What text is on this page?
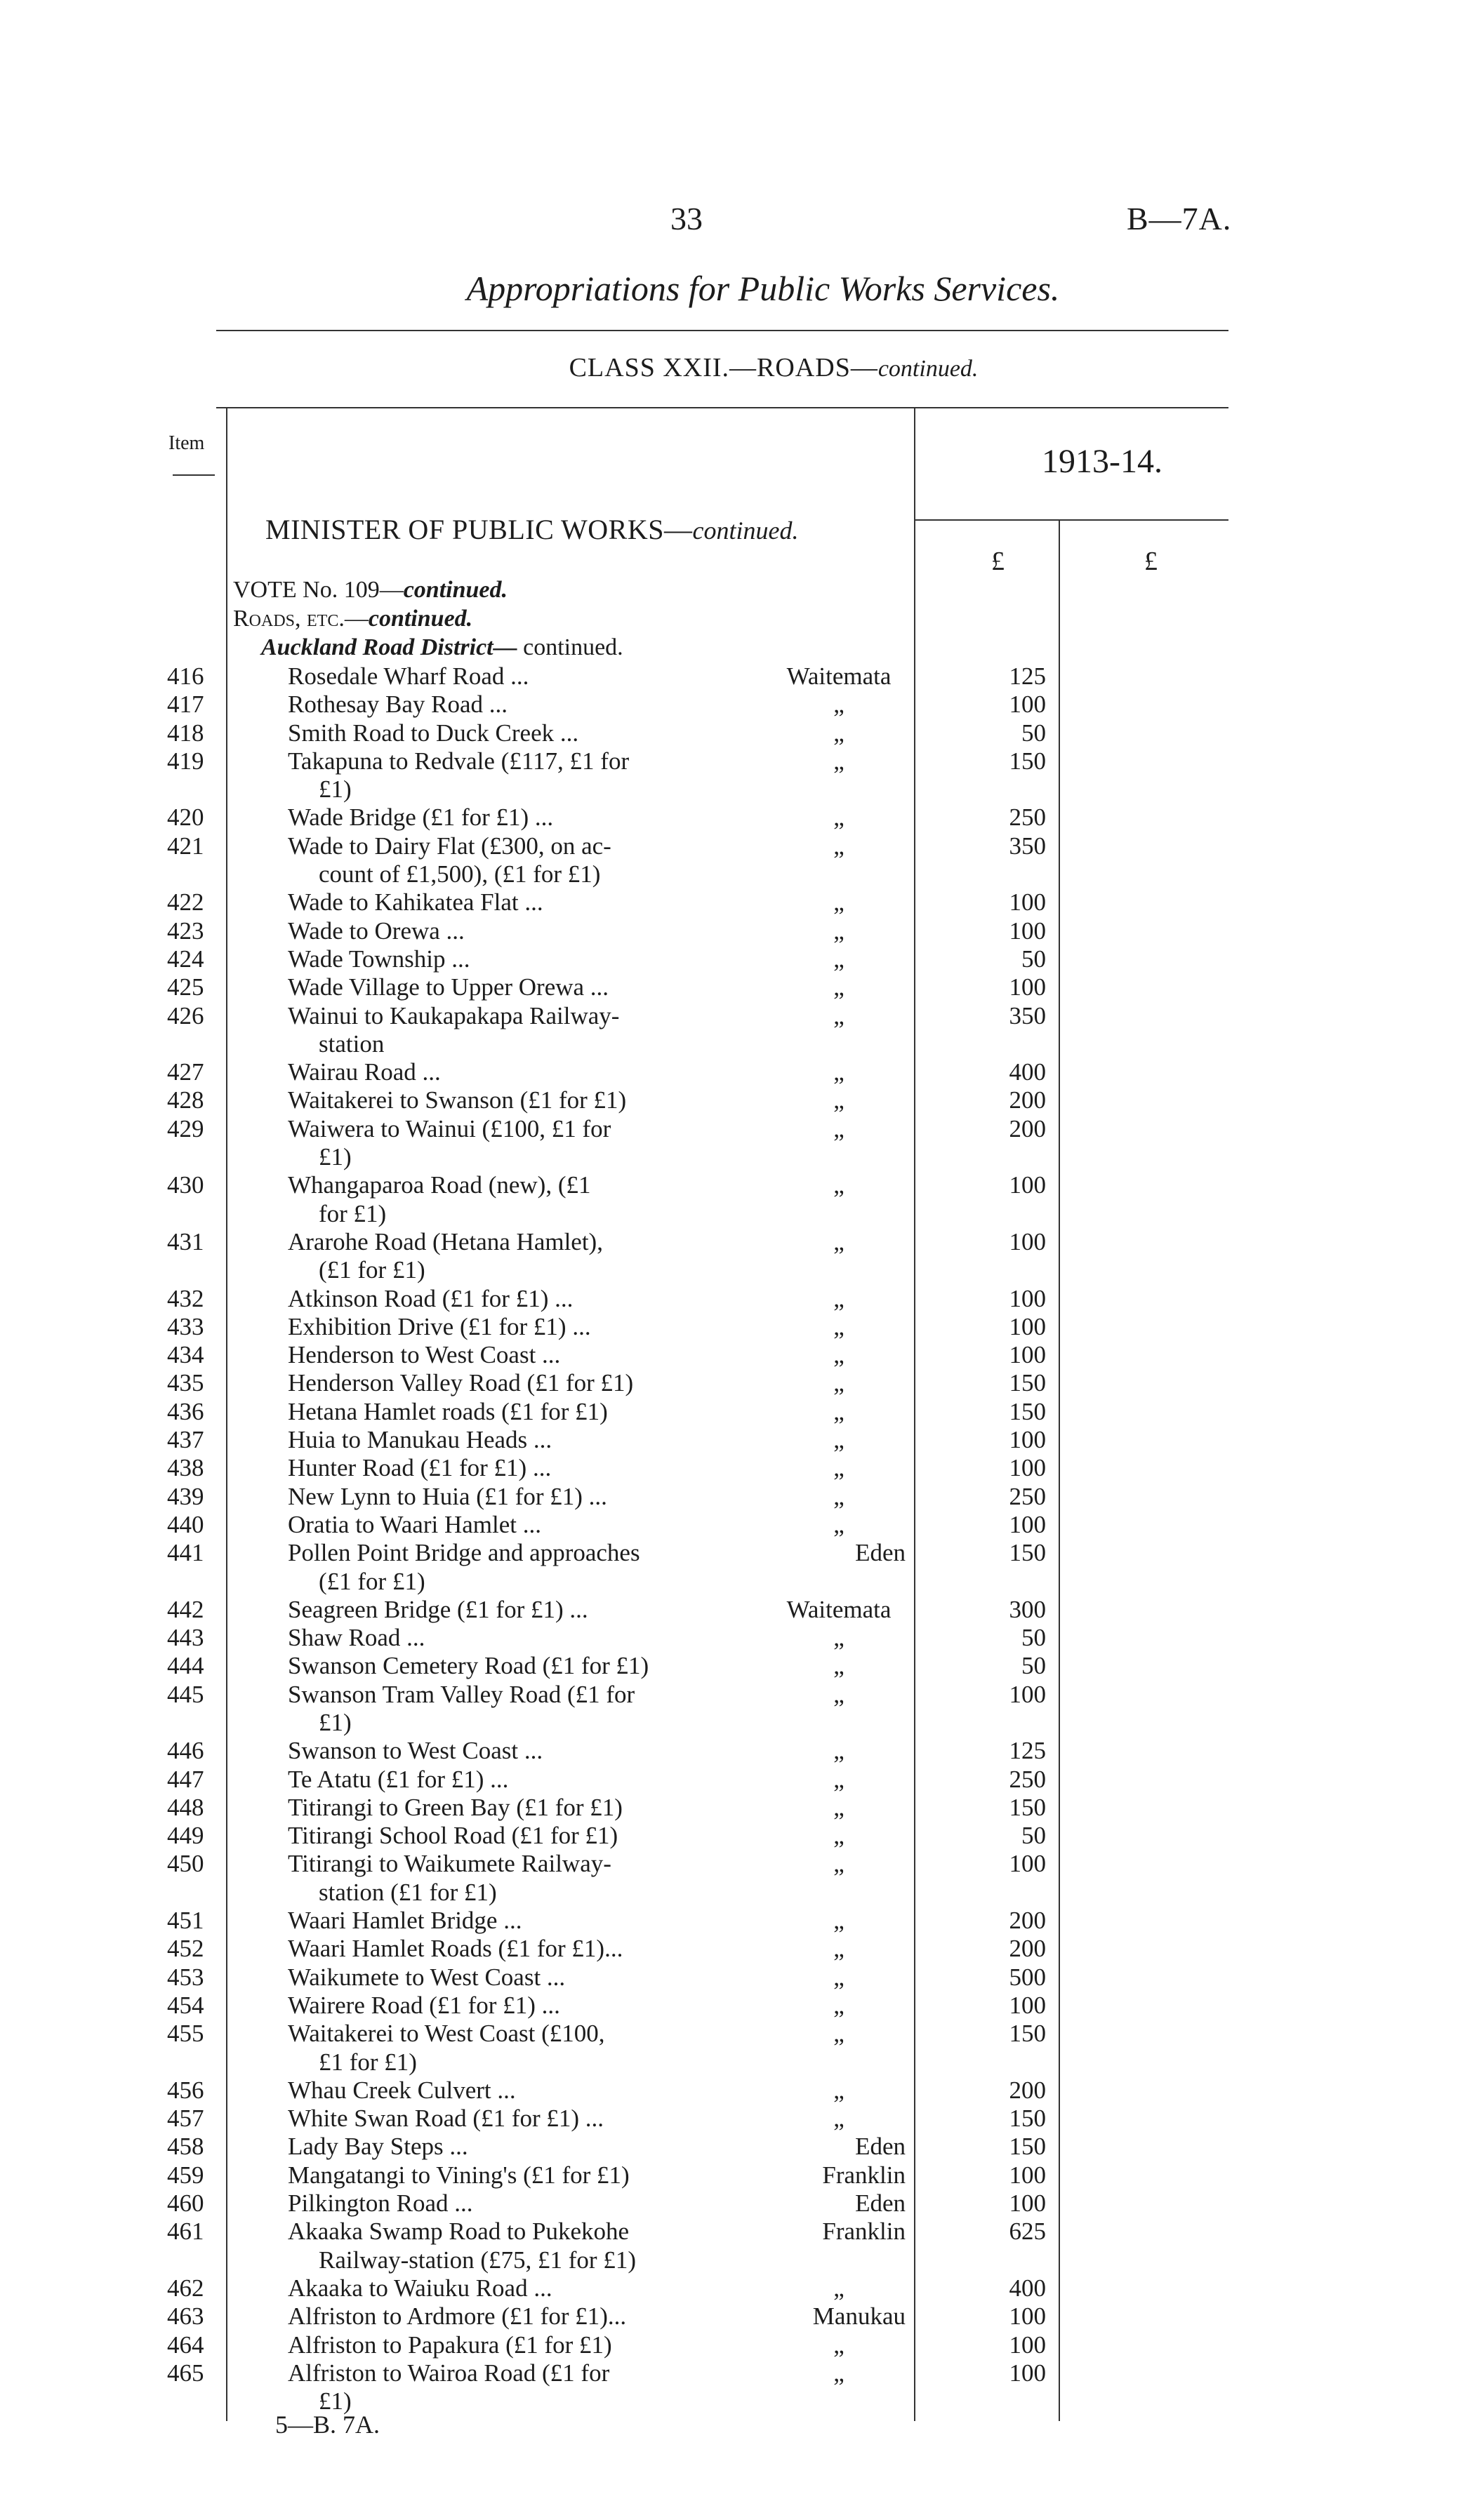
33	B—7A.
Appropriations for Public Works Services.
CLASS XXII.—ROADS—continued.
Item	1913-14.
£	£
MINISTER OF PUBLIC WORKS—continued.
VOTE No. 109—continued.
Roads, etc.—continued.
Auckland Road District— continued.
416	Rosedale Wharf Road ...	Waitemata	125
417	Rothesay Bay Road ...	„	100
418	Smith Road to Duck Creek ...	„	50
419	Takapuna to Redvale (£117, £1 for
£1)
„	150
420	Wade Bridge (£1 for £1) ...	„	250
421	Wade to Dairy Flat (£300, on ac-
count of £1,500), (£1 for £1)
„	350
422	Wade to Kahikatea Flat ...	„	100
423	Wade to Orewa ...	„	100
424	Wade Township ...	„	50
425	Wade Village to Upper Orewa ...	„	100
426	Wainui to Kaukapakapa Railway-
station
„	350
427	Wairau Road ...	„	400
428	Waitakerei to Swanson (£1 for £1)	„	200
429	Waiwera to Wainui (£100, £1 for
£1)
„	200
430	Whangaparoa Road (new), (£1
for £1)
„	100
431	Ararohe Road (Hetana Hamlet),
(£1 for £1)
„	100
432	Atkinson Road (£1 for £1) ...	„	100
433	Exhibition Drive (£1 for £1) ...	„	100
434	Henderson to West Coast ...	„	100
435	Henderson Valley Road (£1 for £1)	„	150
436	Hetana Hamlet roads (£1 for £1)	„	150
437	Huia to Manukau Heads ...	„	100
438	Hunter Road (£1 for £1) ...	„	100
439	New Lynn to Huia (£1 for £1) ...	„	250
440	Oratia to Waari Hamlet ...	„	100
441	Pollen Point Bridge and approaches
(£1 for £1)
Eden	150
442	Seagreen Bridge (£1 for £1) ...	Waitemata	300
443	Shaw Road ...	„	50
444	Swanson Cemetery Road (£1 for £1)	„	50
445	Swanson Tram Valley Road (£1 for
£1)
„	100
446	Swanson to West Coast ...	„	125
447	Te Atatu (£1 for £1) ...	„	250
448	Titirangi to Green Bay (£1 for £1)	„	150
449	Titirangi School Road (£1 for £1)	„	50
450	Titirangi to Waikumete Railway-
station (£1 for £1)
„	100
451	Waari Hamlet Bridge ...	„	200
452	Waari Hamlet Roads (£1 for £1)...	„	200
453	Waikumete to West Coast ...	„	500
454	Wairere Road (£1 for £1) ...	„	100
455	Waitakerei to West Coast (£100,
£1 for £1)
„	150
456	Whau Creek Culvert ...	„	200
457	White Swan Road (£1 for £1) ...	„	150
458	Lady Bay Steps ...	Eden	150
459	Mangatangi to Vining's (£1 for £1)	Franklin	100
460	Pilkington Road ...	Eden	100
461	Akaaka Swamp Road to Pukekohe
Railway-station (£75, £1 for £1)
Franklin	625
462	Akaaka to Waiuku Road ...	„	400
463	Alfriston to Ardmore (£1 for £1)...	Manukau	100
464	Alfriston to Papakura (£1 for £1)	„	100
465	Alfriston to Wairoa Road (£1 for
£1)
„	100
5—B. 7A.
